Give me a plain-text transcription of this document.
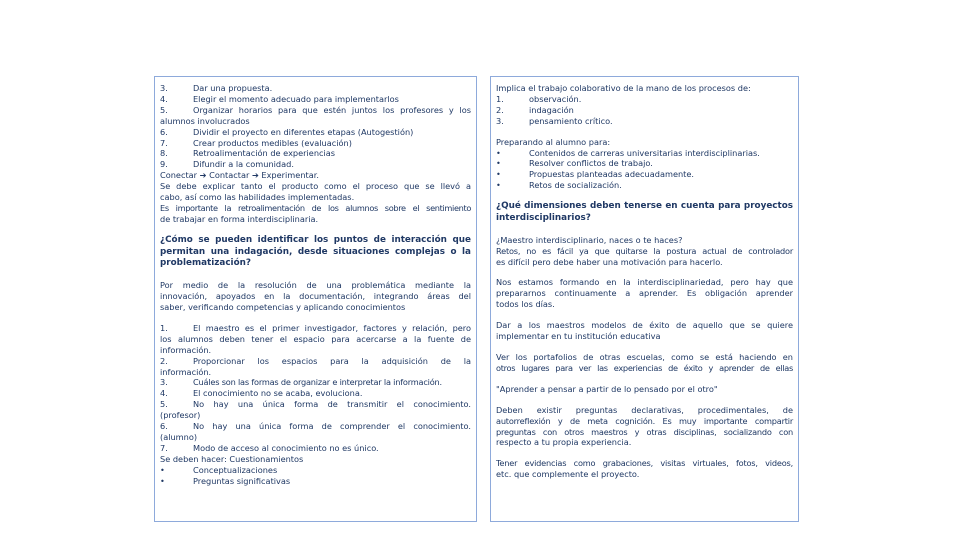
3.	Dar una propuesta.
4.	Elegir el momento adecuado para implementarlos
5.	Organizar horarios para que estén juntos los profesores y los
alumnos involucrados
6.	Dividir el proyecto en diferentes etapas (Autogestión)
7.	Crear productos medibles (evaluación)
8.	Retroalimentación de experiencias
9.	Difundir a la comunidad.
Conectar ➔ Contactar ➔ Experimentar.
Se debe explicar tanto el producto como el proceso que se llevó a
cabo, así como las habilidades implementadas.
Es importante la retroalimentación de los alumnos sobre el sentimiento
de trabajar en forma interdisciplinaria.
¿Cómo se pueden identificar los puntos de interacción que
permitan una indagación, desde situaciones complejas o la
problematización?
Por medio de la resolución de una problemática mediante la
innovación, apoyados en la documentación, integrando áreas del
saber, verificando competencias y aplicando conocimientos
1.	El maestro es el primer investigador, factores y relación, pero
los alumnos deben tener el espacio para acercarse a la fuente de
información.
2.	Proporcionar los espacios para la adquisición de la
información.
3.	Cuáles son las formas de organizar e interpretar la información.
4.	El conocimiento no se acaba, evoluciona.
5.	No hay una única forma de transmitir el conocimiento.
(profesor)
6.	No hay una única forma de comprender el conocimiento.
(alumno)
7.	Modo de acceso al conocimiento no es único.
Se deben hacer: Cuestionamientos
•	Conceptualizaciones
•	Preguntas significativas
Implica el trabajo colaborativo de la mano de los procesos de:
1.	observación.
2.	indagación
3.	pensamiento crítico.
Preparando al alumno para:
•	Contenidos de carreras universitarias interdisciplinarias.
•	Resolver conflictos de trabajo.
•	Propuestas planteadas adecuadamente.
•	Retos de socialización.
¿Qué dimensiones deben tenerse en cuenta para proyectos
interdisciplinarios?
¿Maestro interdisciplinario, naces o te haces?
Retos, no es fácil ya que quitarse la postura actual de controlador
es difícil pero debe haber una motivación para hacerlo.
Nos estamos formando en la interdisciplinariedad, pero hay que
prepararnos continuamente a aprender. Es obligación aprender
todos los días.
Dar a los maestros modelos de éxito de aquello que se quiere
implementar en tu institución educativa
Ver los portafolios de otras escuelas, como se está haciendo en
otros lugares para ver las experiencias de éxito y aprender de ellas
"Aprender a pensar a partir de lo pensado por el otro"
Deben existir preguntas declarativas, procedimentales, de
autorreflexión y de meta cognición. Es muy importante compartir
preguntas con otros maestros y otras disciplinas, socializando con
respecto a tu propia experiencia.
Tener evidencias como grabaciones, visitas virtuales, fotos, videos,
etc. que complemente el proyecto.
